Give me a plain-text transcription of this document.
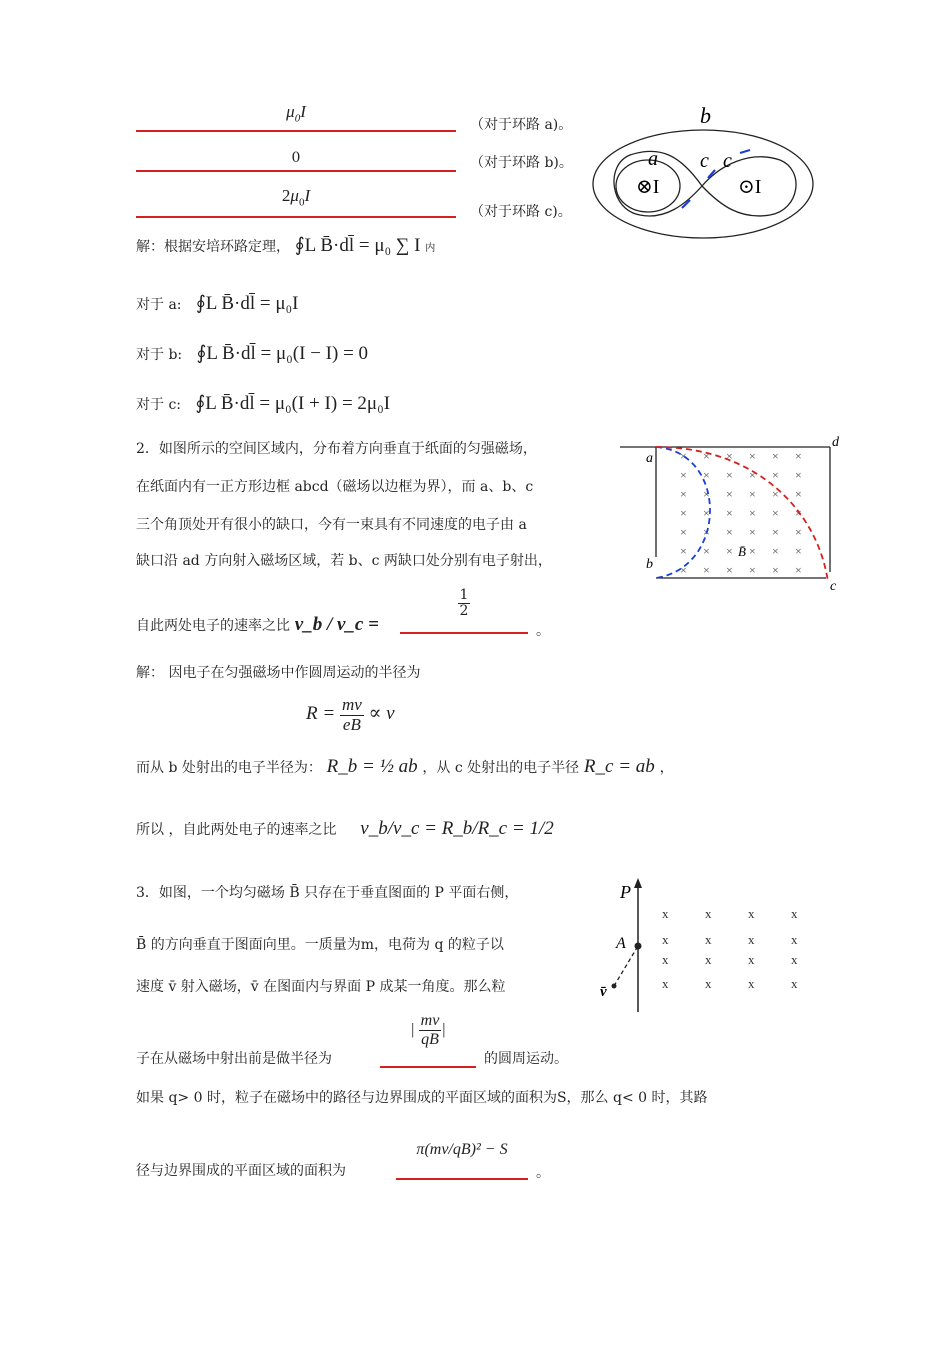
$\mu_0I$
（对于环路 a)。
0	（对于环路 b)。
$2\mu_0I$
（对于环路 c)。
b
a c c
⊗I	⊙I
解：根据安培环路定理， ∮L B̄·dl̄ = μ₀ ∑ I 内
对于 a: ∮L B̄·dl̄ = μ₀I
对于 b: ∮L B̄·dl̄ = μ₀(I − I) = 0
对于 c: ∮L B̄·dl̄ = μ₀(I + I) = 2μ₀I
2．如图所示的空间区域内，分布着方向垂直于纸面的匀强磁场，
在纸面内有一正方形边框 abcd（磁场以边框为界），而 a、b、c
三个角顶处开有很小的缺口，今有一束具有不同速度的电子由 a
缺口沿 ad 方向射入磁场区域，若 b、c 两缺口处分别有电子射出，
× × × × × ×
× × × × × ×
× × × × × ×
× × × × × ×
× × × × × ×
× × × × × ×
× × × × × ×
a
d
b
c
B̄
自此两处电子的速率之比 v_b / v_c =
$\frac{1}{2}$
。
解： 因电子在匀强磁场中作圆周运动的半径为
$R = \frac{mv}{eB} \propto v$
而从 b 处射出的电子半径为： R_b = ½ ab ，从 c 处射出的电子半径 R_c = ab ，
所以 ，自此两处电子的速率之比 v_b/v_c = R_b/R_c = 1/2
3．如图，一个均匀磁场 B̄ 只存在于垂直图面的 P 平面右侧，
B̄ 的方向垂直于图面向里。一质量为m，电荷为 q 的粒子以
速度 v̄ 射入磁场，v̄ 在图面内与界面 P 成某一角度。那么粒
x	x	x	x
x	x	x	x
x	x	x	x
x	x	x	x
P
A
v̄
子在从磁场中射出前是做半径为
| $\frac{mv}{qB}$ |
的圆周运动。
如果 q> 0 时，粒子在磁场中的路径与边界围成的平面区域的面积为S，那么 q< 0 时，其路
径与边界围成的平面区域的面积为
π(mv/qB)² − S
。
